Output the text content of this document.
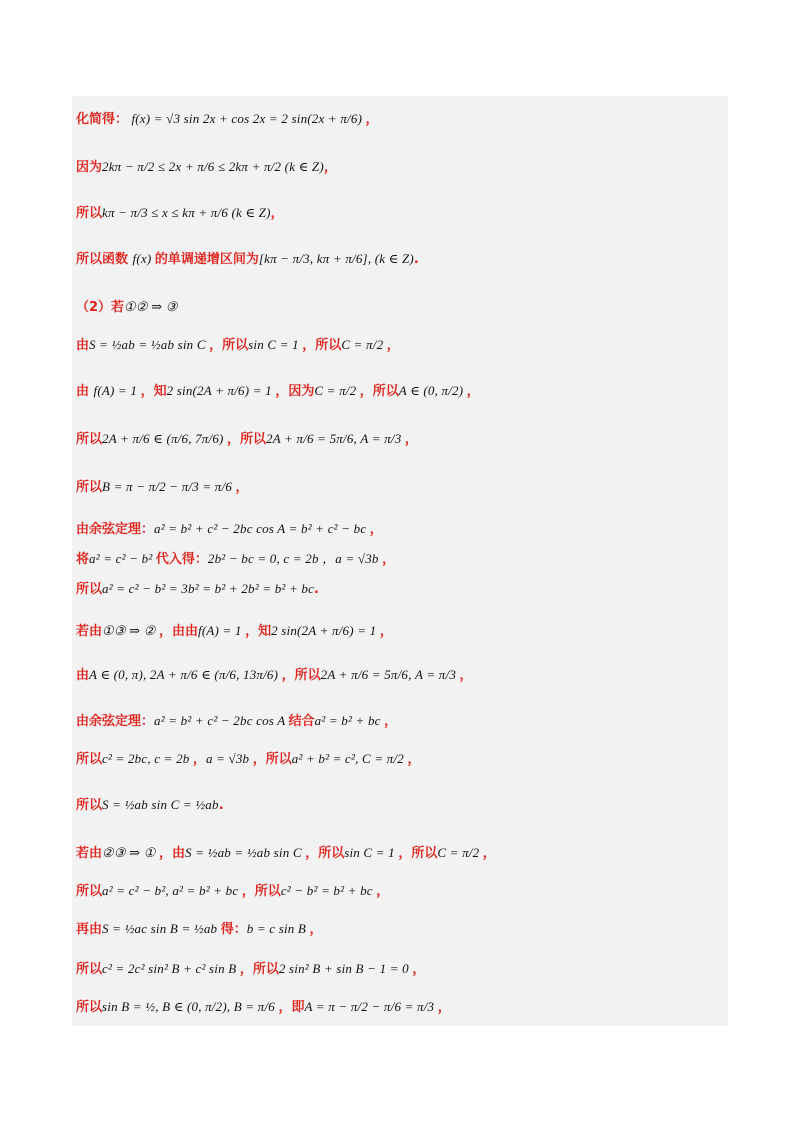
化简得： f(x) = √3 sin 2x + cos 2x = 2 sin(2x + π/6) ，
因为2kπ − π/2 ≤ 2x + π/6 ≤ 2kπ + π/2 (k ∈ Z)，
所以kπ − π/3 ≤ x ≤ kπ + π/6 (k ∈ Z)，
所以函数 f(x) 的单调递增区间为[kπ − π/3, kπ + π/6], (k ∈ Z).
（2）若①② ⇒ ③
由S = ½ab = ½ab sin C ，所以sin C = 1 ，所以C = π/2 ，
由 f(A) = 1 ，知2 sin(2A + π/6) = 1 ，因为C = π/2 ，所以A ∈ (0, π/2) ，
所以2A + π/6 ∈ (π/6, 7π/6) ，所以2A + π/6 = 5π/6, A = π/3 ，
所以B = π − π/2 − π/3 = π/6 ，
由余弦定理：a² = b² + c² − 2bc cos A = b² + c² − bc ，
将a² = c² − b² 代入得：2b² − bc = 0, c = 2b ，a = √3b ，
所以a² = c² − b² = 3b² = b² + 2b² = b² + bc.
若由①③ ⇒ ② ，由由f(A) = 1 ，知2 sin(2A + π/6) = 1 ，
由A ∈ (0, π), 2A + π/6 ∈ (π/6, 13π/6) ，所以2A + π/6 = 5π/6, A = π/3 ，
由余弦定理：a² = b² + c² − 2bc cos A 结合a² = b² + bc ，
所以c² = 2bc, c = 2b ，a = √3b ，所以a² + b² = c², C = π/2 ，
所以S = ½ab sin C = ½ab.
若由②③ ⇒ ① ，由S = ½ab = ½ab sin C ，所以sin C = 1 ，所以C = π/2 ，
所以a² = c² − b², a² = b² + bc ，所以c² − b² = b² + bc ，
再由S = ½ac sin B = ½ab 得：b = c sin B ，
所以c² = 2c² sin² B + c² sin B ，所以2 sin² B + sin B − 1 = 0 ，
所以sin B = ½, B ∈ (0, π/2), B = π/6 ，即A = π − π/2 − π/6 = π/3 ，
